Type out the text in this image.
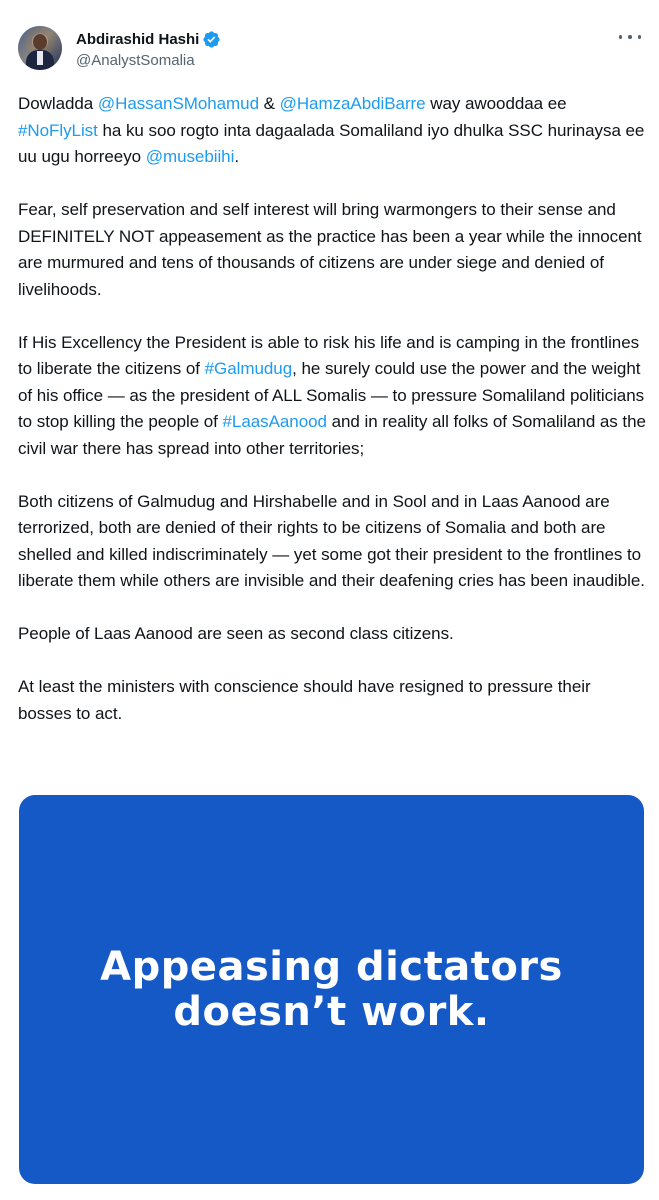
Abdirashid Hashi
@AnalystSomalia

Dowladda @HassanSMohamud & @HamzaAbdiBarre way awooddaa ee #NoFlyList ha ku soo rogto inta dagaalada Somaliland iyo dhulka SSC hurinaysa ee uu ugu horreeyo @musebiihi.

Fear, self preservation and self interest will bring warmongers to their sense and DEFINITELY NOT appeasement as the practice has been a year while the innocent are murmured and tens of thousands of citizens are under siege and denied of livelihoods.

If His Excellency the President is able to risk his life and is camping in the frontlines to liberate the citizens of #Galmudug, he surely could use the power and the weight of his office — as the president of ALL Somalis — to pressure Somaliland politicians to stop killing the people of #LaasAanood and in reality all folks of Somaliland as the civil war there has spread into other territories;

Both citizens of Galmudug and Hirshabelle and in Sool and in Laas Aanood are terrorized, both are denied of their rights to be citizens of Somalia and both are shelled and killed indiscriminately — yet some got their president to the frontlines to liberate them while others are invisible and their deafening cries has been inaudible.

People of Laas Aanood are seen as second class citizens.

At least the ministers with conscience should have resigned to pressure their bosses to act.

Appeasing dictators doesn’t work.
